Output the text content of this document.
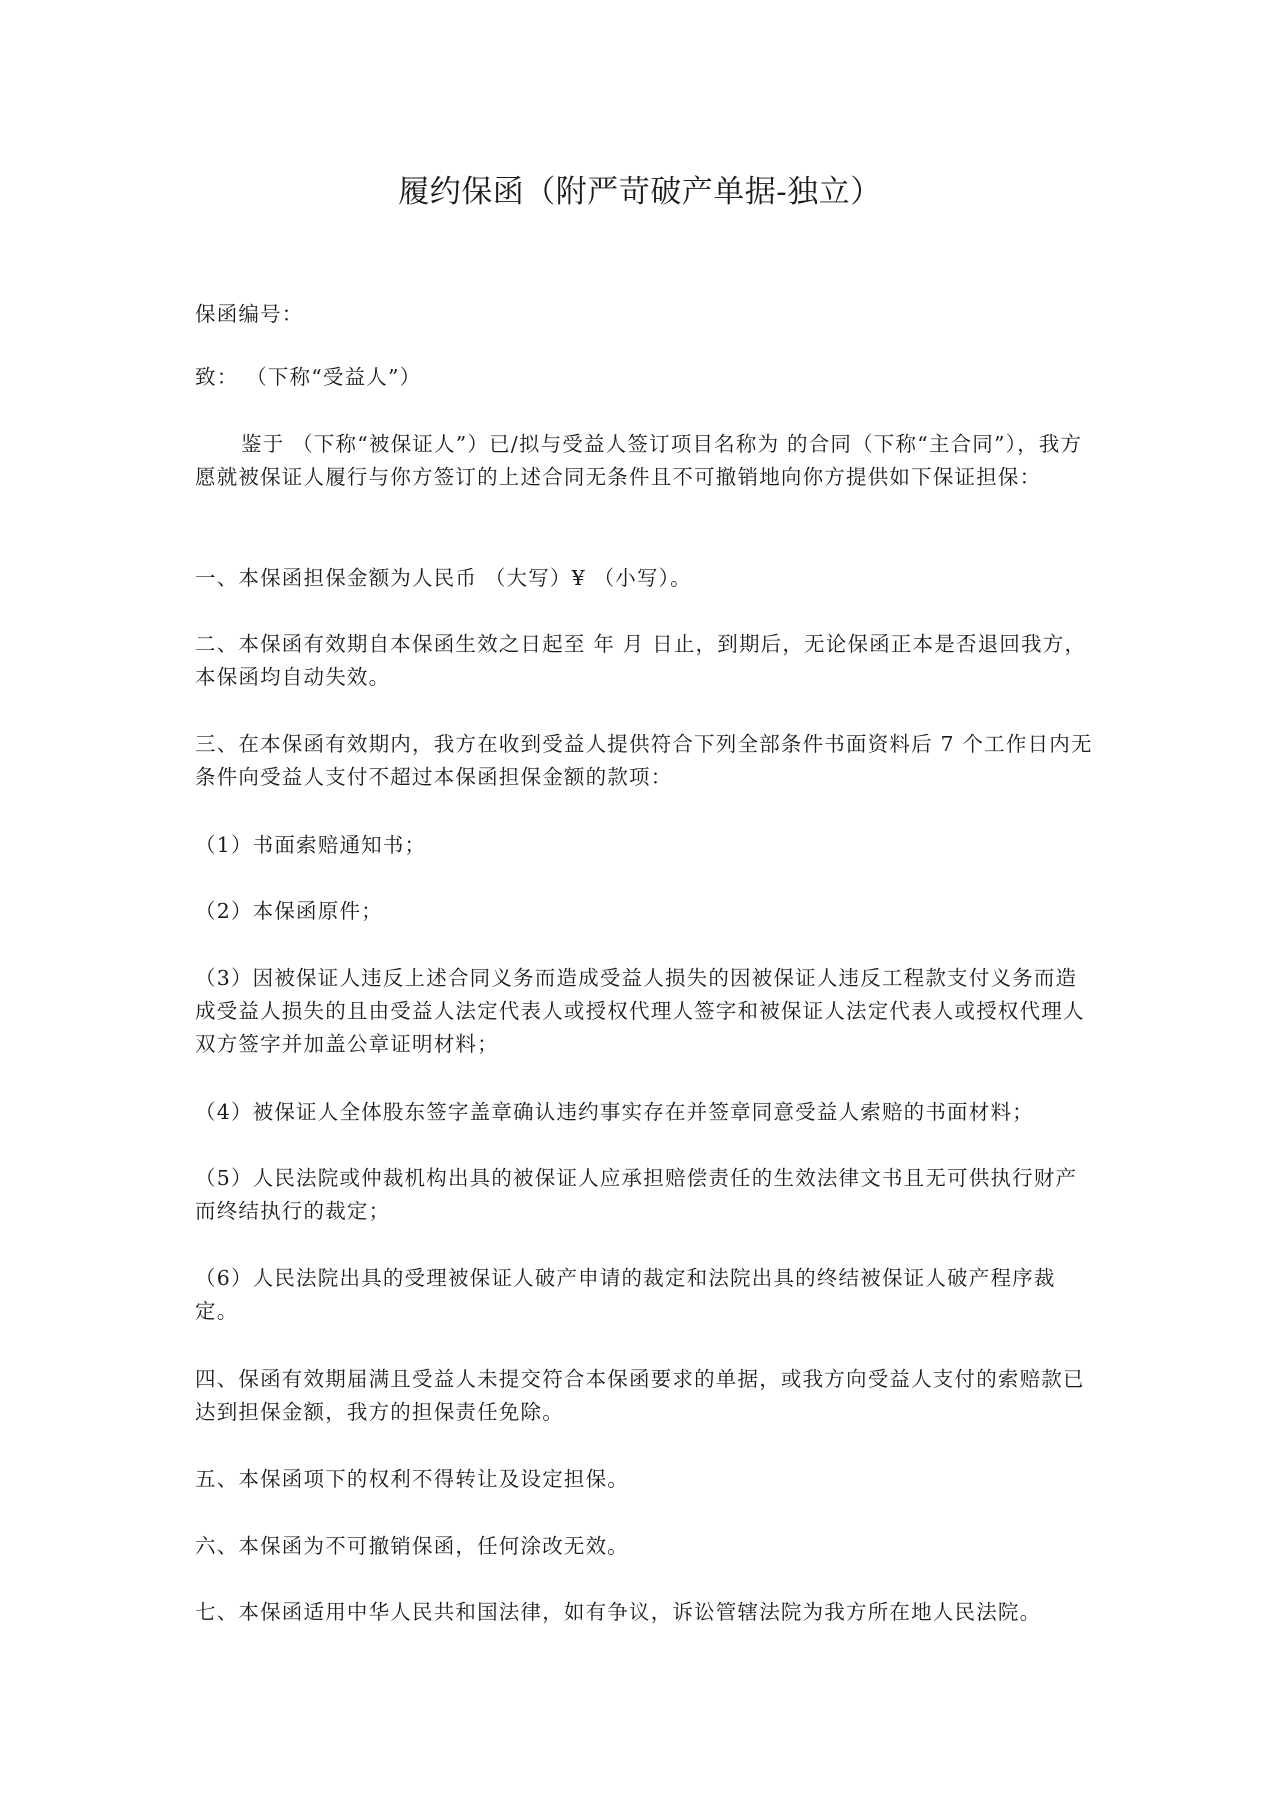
履约保函（附严苛破产单据-独立）

保函编号：

致： （下称“受益人”）

鉴于 （下称“被保证人”）已/拟与受益人签订项目名称为 的合同（下称“主合同”），我方愿就被保证人履行与你方签订的上述合同无条件且不可撤销地向你方提供如下保证担保：

一、本保函担保金额为人民币 （大写）¥ （小写）。

二、本保函有效期自本保函生效之日起至 年 月 日止，到期后，无论保函正本是否退回我方，本保函均自动失效。

三、在本保函有效期内，我方在收到受益人提供符合下列全部条件书面资料后 7 个工作日内无条件向受益人支付不超过本保函担保金额的款项：

（1）书面索赔通知书；

（2）本保函原件；

（3）因被保证人违反上述合同义务而造成受益人损失的因被保证人违反工程款支付义务而造成受益人损失的且由受益人法定代表人或授权代理人签字和被保证人法定代表人或授权代理人双方签字并加盖公章证明材料；

（4）被保证人全体股东签字盖章确认违约事实存在并签章同意受益人索赔的书面材料；

（5）人民法院或仲裁机构出具的被保证人应承担赔偿责任的生效法律文书且无可供执行财产而终结执行的裁定；

（6）人民法院出具的受理被保证人破产申请的裁定和法院出具的终结被保证人破产程序裁定。

四、保函有效期届满且受益人未提交符合本保函要求的单据，或我方向受益人支付的索赔款已达到担保金额，我方的担保责任免除。

五、本保函项下的权利不得转让及设定担保。

六、本保函为不可撤销保函，任何涂改无效。

七、本保函适用中华人民共和国法律，如有争议，诉讼管辖法院为我方所在地人民法院。
